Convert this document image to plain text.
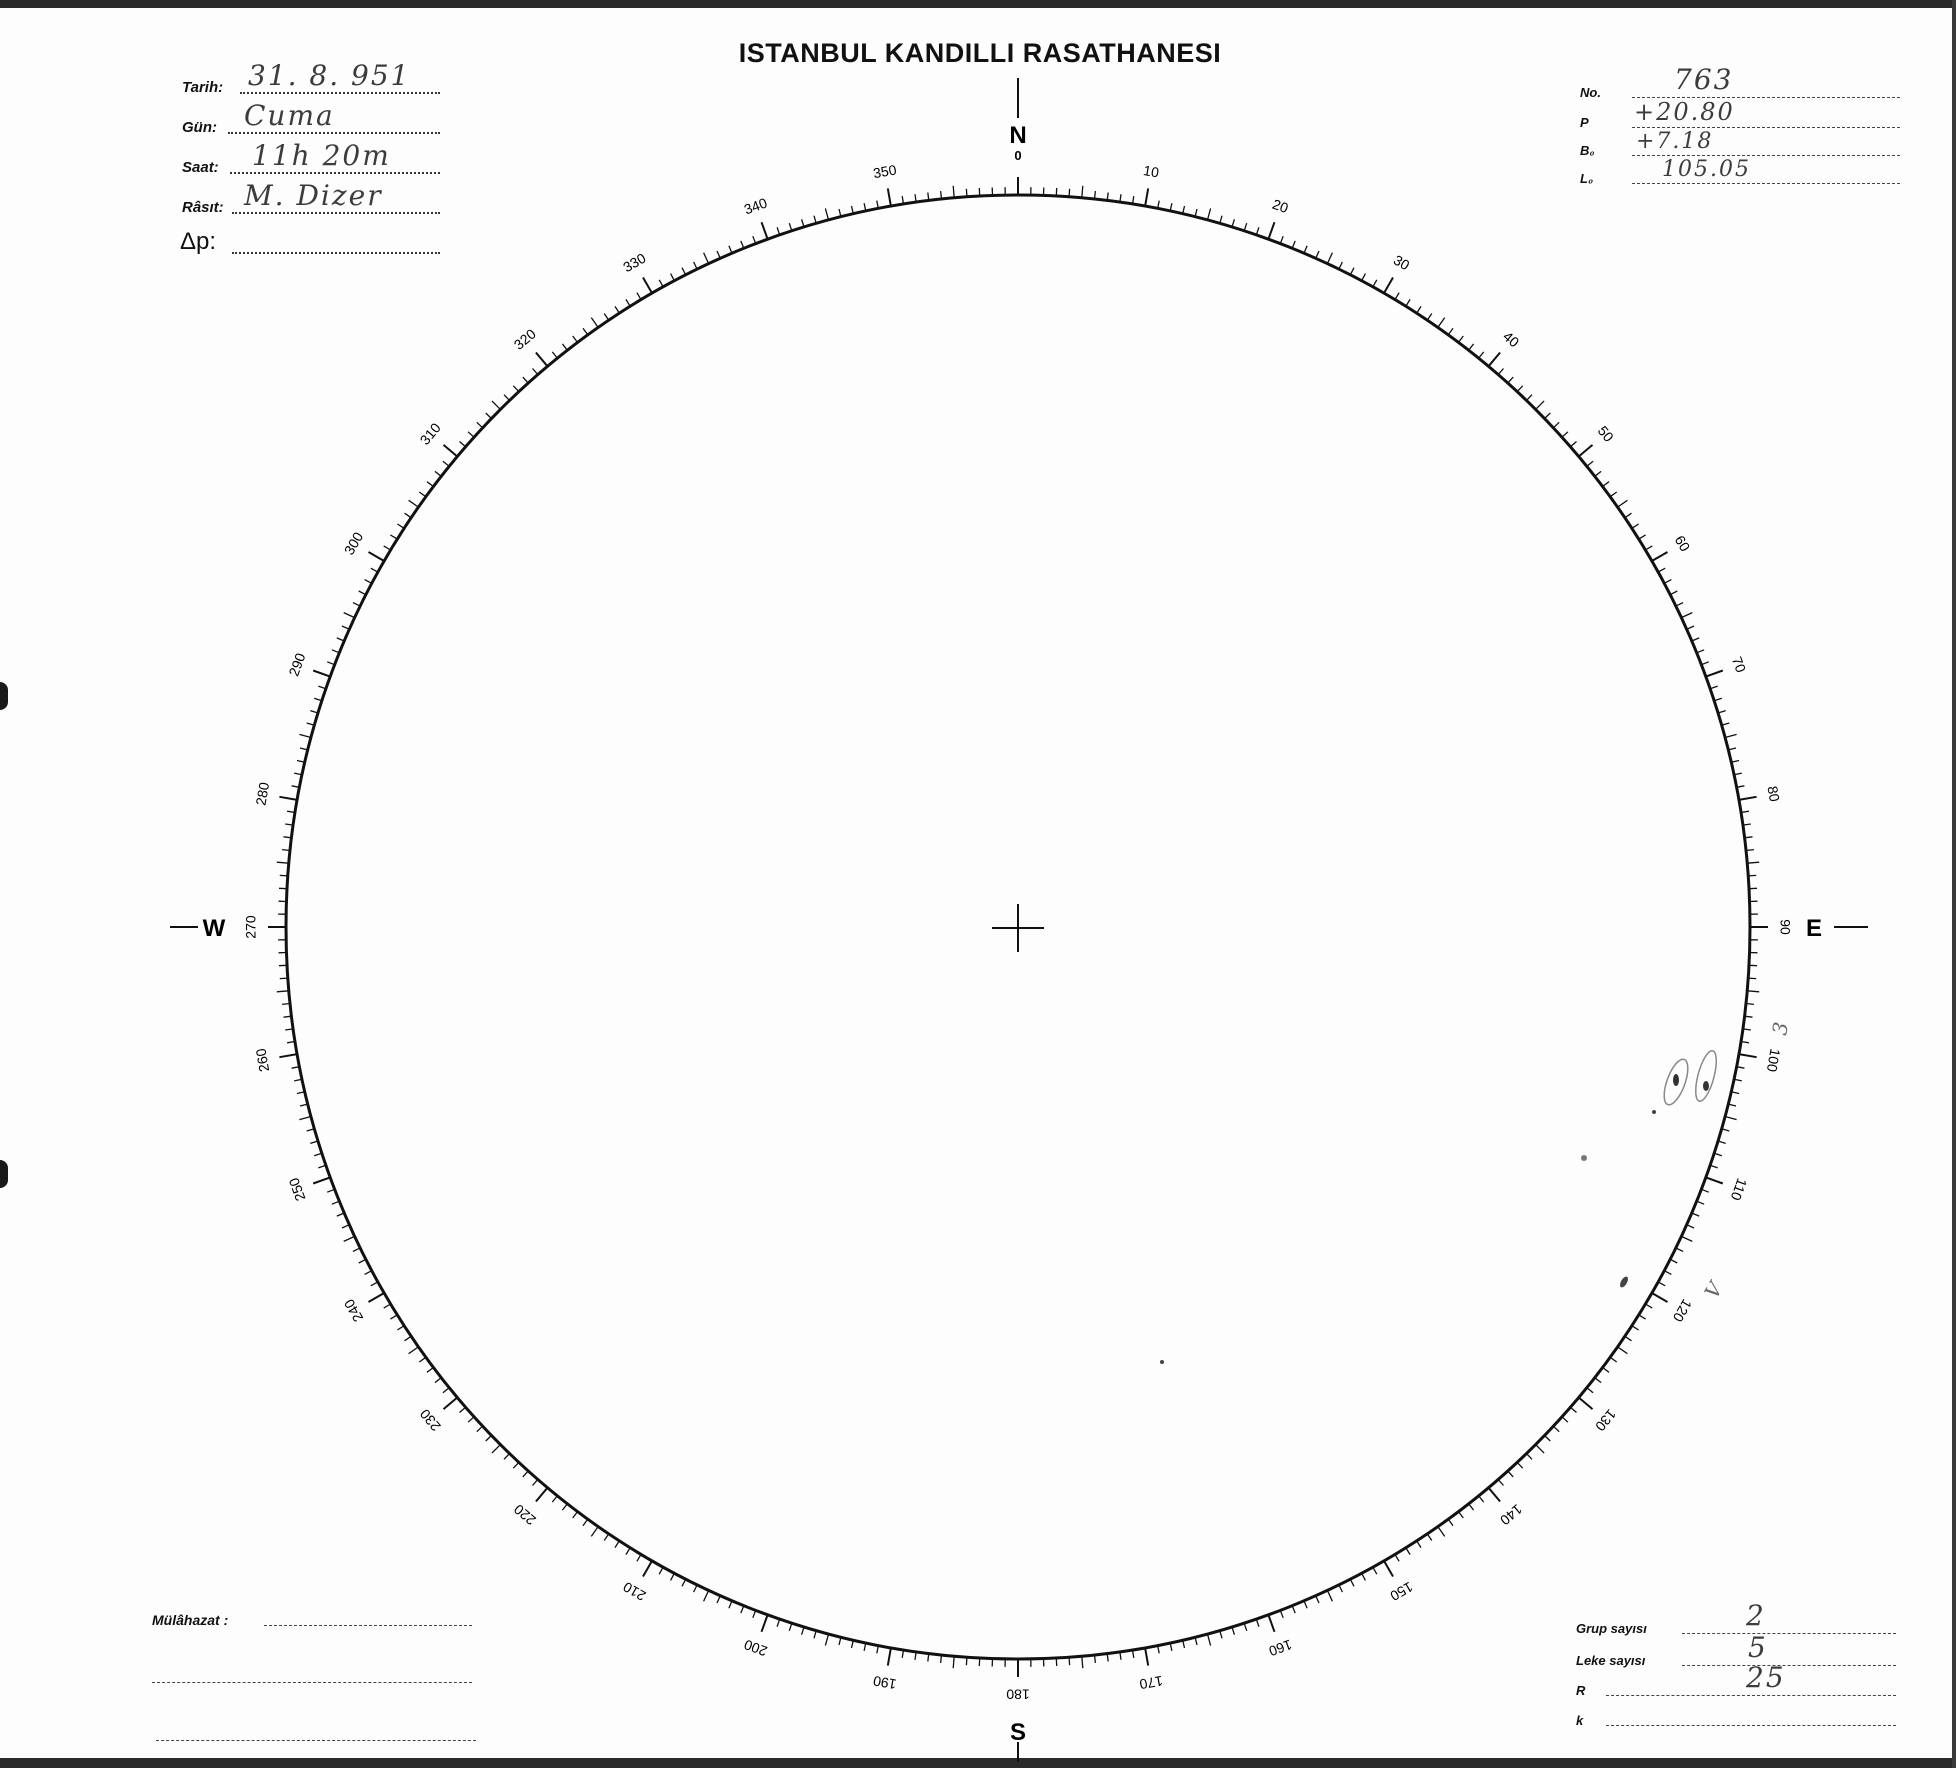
ISTANBUL KANDILLI RASATHANESI
Tarih: 31. 8. 951
Gün: Cuma
Saat: 11h 20m
Râsıt: M. Dizer
Δp:
No.	763
P +20.80
B₀ +7.18
L₀	105.05
Mülâhazat :
Grup sayısı	2
Leke sayısı	5
R	25
k
10
20
30
40
50
60
70
80
90
100
110
120
130
140
150
160
170
180
190
200
210
220
230
240
250
260
270
280
290
300
310
320
330
340
350
N
0
S
W	E
3
V
